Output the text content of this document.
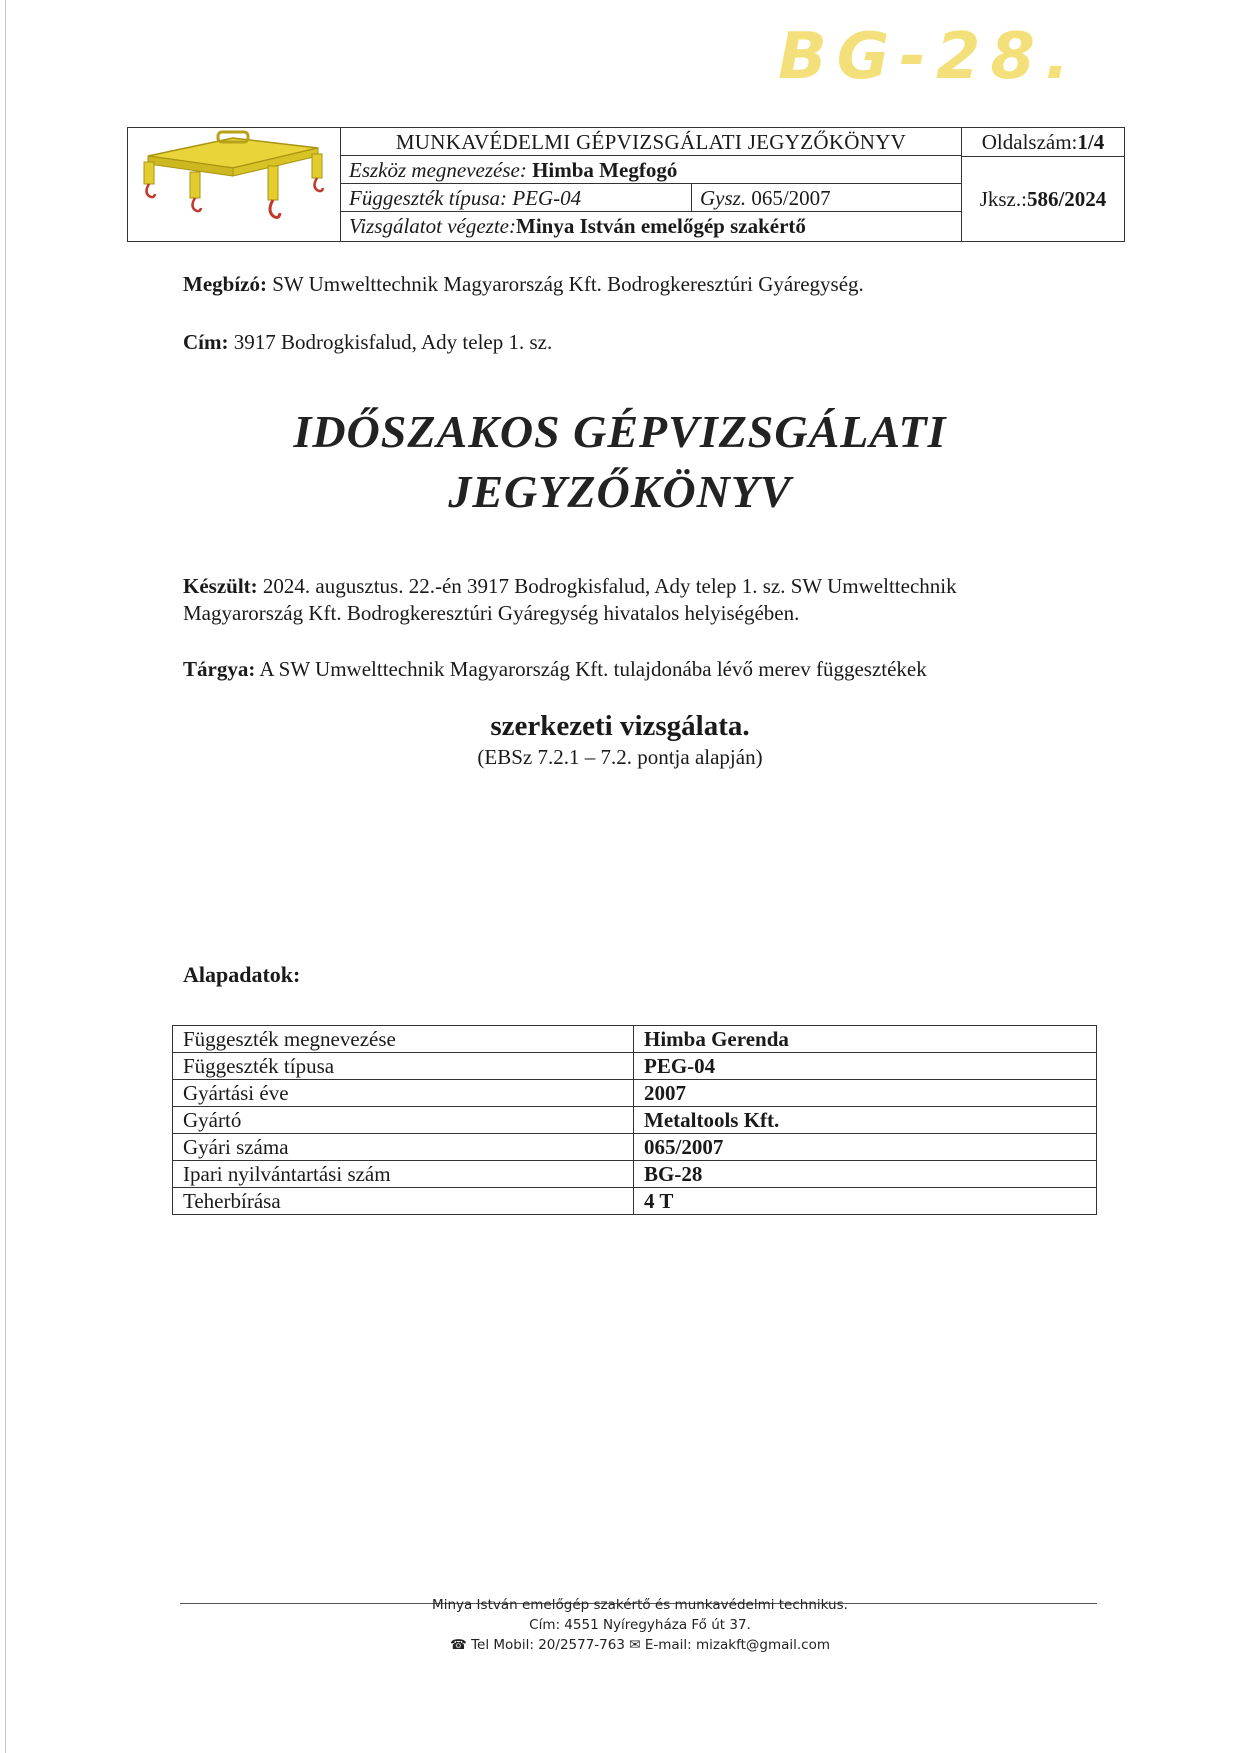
BG-28.
MUNKAVÉDELMI GÉPVIZSGÁLATI JEGYZŐKÖNYV
Eszköz megnevezése: Himba Megfogó
Függeszték típusa: PEG-04	Gysz. 065/2007
Vizsgálatot végezte:Minya István emelőgép szakértő
Oldalszám:1/4
Jksz.:586/2024
Megbízó: SW Umwelttechnik Magyarország Kft. Bodrogkeresztúri Gyáregység.
Cím: 3917 Bodrogkisfalud, Ady telep 1. sz.
IDŐSZAKOS GÉPVIZSGÁLATI
JEGYZŐKÖNYV
Készült: 2024. augusztus. 22.-én 3917 Bodrogkisfalud, Ady telep 1. sz. SW Umwelttechnik
Magyarország Kft. Bodrogkeresztúri Gyáregység hivatalos helyiségében.
Tárgya: A SW Umwelttechnik Magyarország Kft. tulajdonába lévő merev függesztékek
szerkezeti vizsgálata.
(EBSz 7.2.1 – 7.2. pontja alapján)
Alapadatok:
Függeszték megnevezése	Himba Gerenda
Függeszték típusa	PEG-04
Gyártási éve	2007
Gyártó	Metaltools Kft.
Gyári száma	065/2007
Ipari nyilvántartási szám	BG-28
Teherbírása	4 T
Minya István emelőgép szakértő és munkavédelmi technikus.
Cím: 4551 Nyíregyháza Fő út 37.
☎ Tel Mobil: 20/2577-763 ✉ E-mail: mizakft@gmail.com
